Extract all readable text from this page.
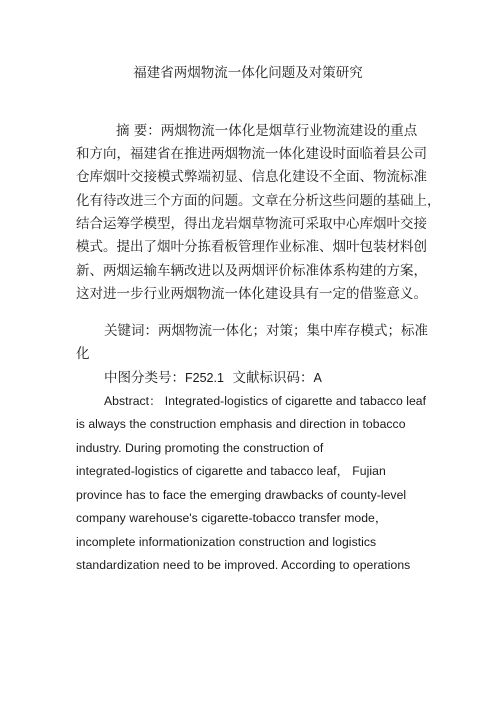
福建省两烟物流一体化问题及对策研究
摘 要：两烟物流一体化是烟草行业物流建设的重点
和方向，福建省在推进两烟物流一体化建设时面临着县公司
仓库烟叶交接模式弊端初显、信息化建设不全面、物流标准
化有待改进三个方面的问题。文章在分析这些问题的基础上，
结合运筹学模型，得出龙岩烟草物流可采取中心库烟叶交接
模式。提出了烟叶分拣看板管理作业标准、烟叶包装材料创
新、两烟运输车辆改进以及两烟评价标准体系构建的方案，
这对进一步行业两烟物流一体化建设具有一定的借鉴意义。
关键词：两烟物流一体化；对策；集中库存模式；标准
化
中图分类号：F252.1 文献标识码：A
Abstract： Integrated-logistics of cigarette and tabacco leaf
is always the construction emphasis and direction in tobacco
industry. During promoting the construction of
integrated-logistics of cigarette and tabacco leaf， Fujian
province has to face the emerging drawbacks of county-level
company warehouse's cigarette-tobacco transfer mode，
incomplete informationization construction and logistics
standardization need to be improved. According to operations
